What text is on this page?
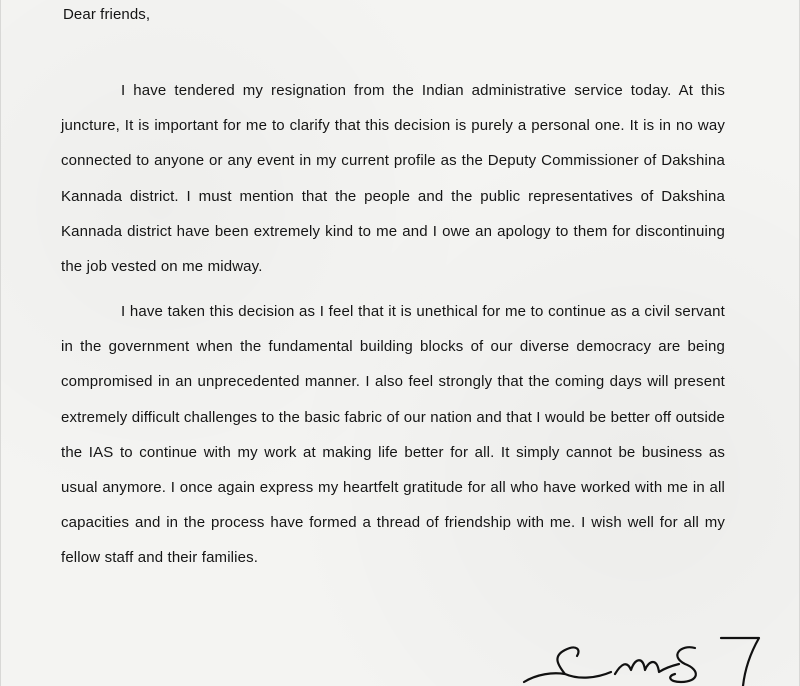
Dear friends,

I have tendered my resignation from the Indian administrative service today. At this juncture, It is important for me to clarify that this decision is purely a personal one. It is in no way connected to anyone or any event in my current profile as the Deputy Commissioner of Dakshina Kannada district. I must mention that the people and the public representatives of Dakshina Kannada district have been extremely kind to me and I owe an apology to them for discontinuing the job vested on me midway.

I have taken this decision as I feel that it is unethical for me to continue as a civil servant in the government when the fundamental building blocks of our diverse democracy are being compromised in an unprecedented manner. I also feel strongly that the coming days will present extremely difficult challenges to the basic fabric of our nation and that I would be better off outside the IAS to continue with my work at making life better for all. It simply cannot be business as usual anymore. I once again express my heartfelt gratitude for all who have worked with me in all capacities and in the process have formed a thread of friendship with me. I wish well for all my fellow staff and their families.
